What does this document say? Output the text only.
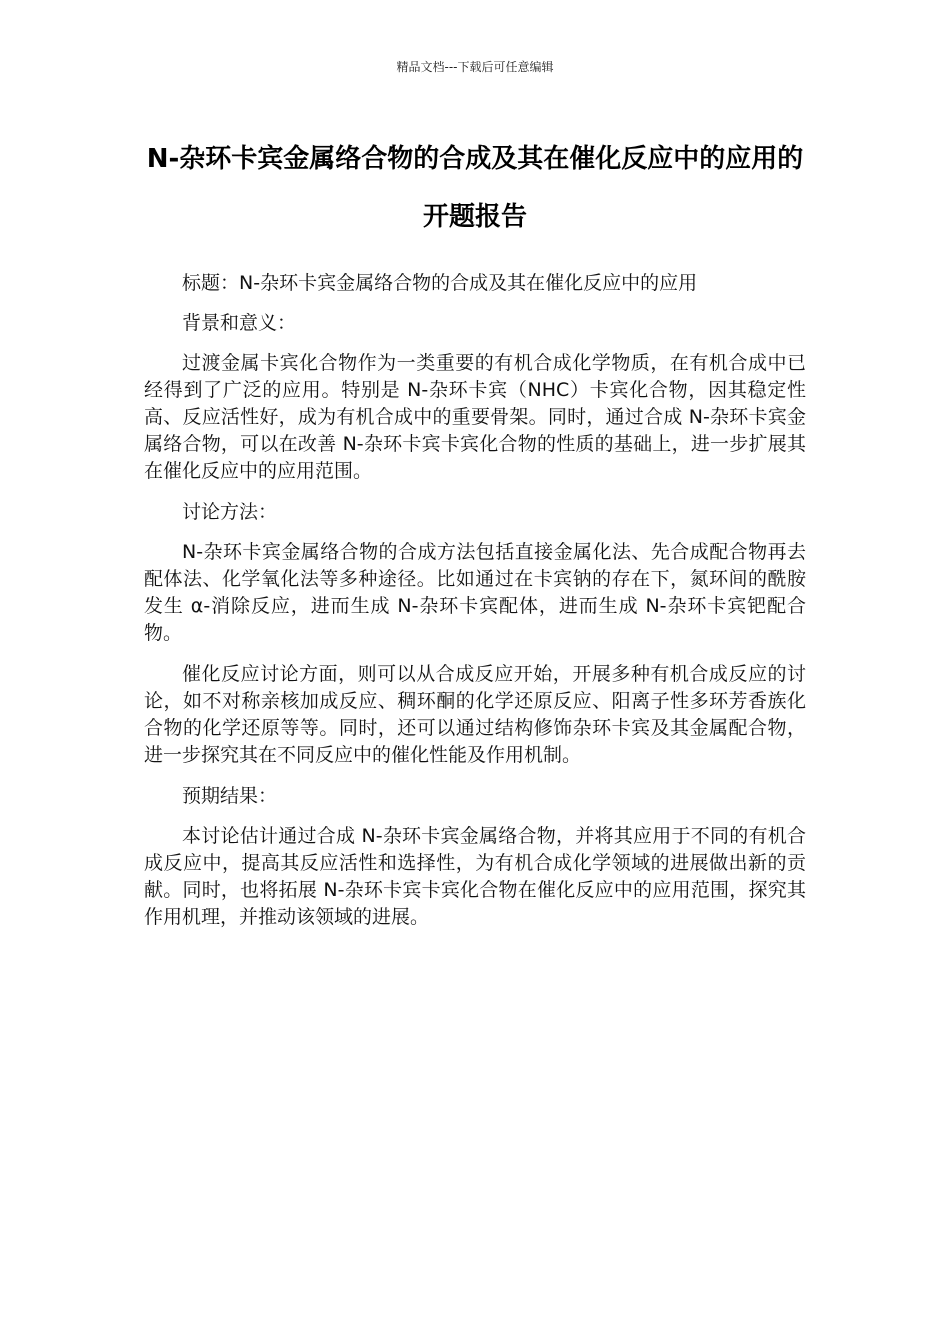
精品文档---下载后可任意编辑
N-杂环卡宾金属络合物的合成及其在催化反应中的应用的开题报告

标题：N-杂环卡宾金属络合物的合成及其在催化反应中的应用

背景和意义：

过渡金属卡宾化合物作为一类重要的有机合成化学物质，在有机合成中已经得到了广泛的应用。特别是 N-杂环卡宾（NHC）卡宾化合物，因其稳定性高、反应活性好，成为有机合成中的重要骨架。同时，通过合成 N-杂环卡宾金属络合物，可以在改善 N-杂环卡宾卡宾化合物的性质的基础上，进一步扩展其在催化反应中的应用范围。

讨论方法：

N-杂环卡宾金属络合物的合成方法包括直接金属化法、先合成配合物再去配体法、化学氧化法等多种途径。比如通过在卡宾钠的存在下，氮环间的酰胺发生 α-消除反应，进而生成 N-杂环卡宾配体，进而生成 N-杂环卡宾钯配合物。

催化反应讨论方面，则可以从合成反应开始，开展多种有机合成反应的讨论，如不对称亲核加成反应、稠环酮的化学还原反应、阳离子性多环芳香族化合物的化学还原等等。同时，还可以通过结构修饰杂环卡宾及其金属配合物，进一步探究其在不同反应中的催化性能及作用机制。

预期结果：

本讨论估计通过合成 N-杂环卡宾金属络合物，并将其应用于不同的有机合成反应中，提高其反应活性和选择性，为有机合成化学领域的进展做出新的贡献。同时，也将拓展 N-杂环卡宾卡宾化合物在催化反应中的应用范围，探究其作用机理，并推动该领域的进展。
